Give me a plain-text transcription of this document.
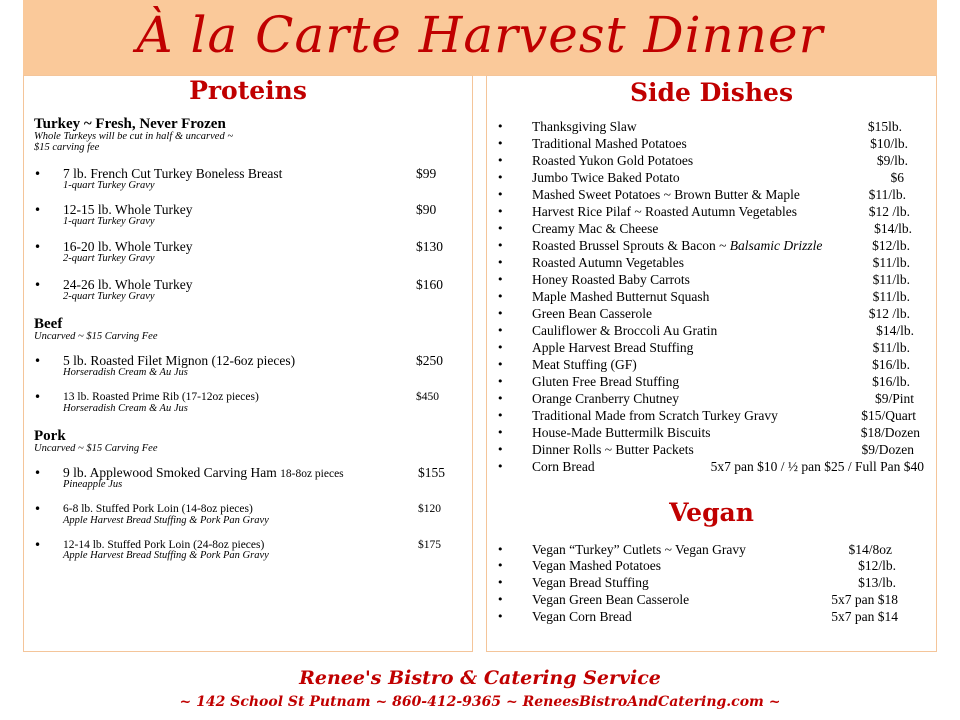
À la Carte Harvest Dinner
Proteins
Turkey ~ Fresh, Never Frozen
Whole Turkeys will be cut in half & uncarved ~
$15 carving fee
• 7 lb. French Cut Turkey Boneless Breast
1-quart Turkey Gravy
$99
• 12-15 lb. Whole Turkey
1-quart Turkey Gravy
$90
• 16-20 lb. Whole Turkey
2-quart Turkey Gravy
$130
• 24-26 lb. Whole Turkey
2-quart Turkey Gravy
$160
Beef
Uncarved ~ $15 Carving Fee
• 5 lb. Roasted Filet Mignon (12-6oz pieces)
Horseradish Cream & Au Jus
$250
• 13 lb. Roasted Prime Rib (17-12oz pieces)
Horseradish Cream & Au Jus
$450
Pork
Uncarved ~ $15 Carving Fee
• 9 lb. Applewood Smoked Carving Ham 18-8oz pieces
Pineapple Jus
$155
• 6-8 lb. Stuffed Pork Loin (14-8oz pieces)
Apple Harvest Bread Stuffing & Pork Pan Gravy
$120
• 12-14 lb. Stuffed Pork Loin (24-8oz pieces)
Apple Harvest Bread Stuffing & Pork Pan Gravy
$175
Side Dishes
• Thanksgiving Slaw	$15lb.
• Traditional Mashed Potatoes	$10/lb.
• Roasted Yukon Gold Potatoes	$9/lb.
• Jumbo Twice Baked Potato	$6
• Mashed Sweet Potatoes ~ Brown Butter & Maple	$11/lb.
• Harvest Rice Pilaf ~ Roasted Autumn Vegetables	$12 /lb.
• Creamy Mac & Cheese	$14/lb.
• Roasted Brussel Sprouts & Bacon ~ Balsamic Drizzle	$12/lb.
• Roasted Autumn Vegetables	$11/lb.
• Honey Roasted Baby Carrots	$11/lb.
• Maple Mashed Butternut Squash	$11/lb.
• Green Bean Casserole	$12 /lb.
• Cauliflower & Broccoli Au Gratin	$14/lb.
• Apple Harvest Bread Stuffing	$11/lb.
• Meat Stuffing (GF)	$16/lb.
• Gluten Free Bread Stuffing	$16/lb.
• Orange Cranberry Chutney	$9/Pint
• Traditional Made from Scratch Turkey Gravy	$15/Quart
• House-Made Buttermilk Biscuits	$18/Dozen
• Dinner Rolls ~ Butter Packets	$9/Dozen
• Corn Bread	5x7 pan $10 / ½ pan $25 / Full Pan $40
Vegan
• Vegan “Turkey” Cutlets ~ Vegan Gravy	$14/8oz
• Vegan Mashed Potatoes	$12/lb.
• Vegan Bread Stuffing	$13/lb.
• Vegan Green Bean Casserole	5x7 pan $18
• Vegan Corn Bread	5x7 pan $14
Renee's Bistro & Catering Service
~ 142 School St Putnam ~ 860-412-9365 ~ ReneesBistroAndCatering.com ~
